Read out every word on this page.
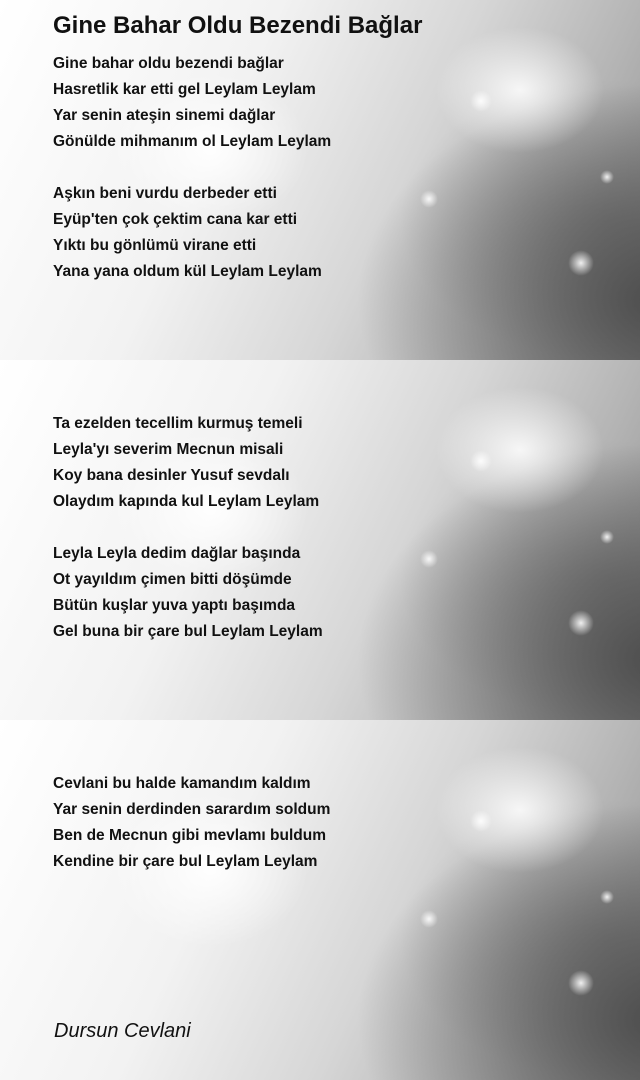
Gine Bahar Oldu Bezendi Bağlar
Gine bahar oldu bezendi bağlar
Hasretlik kar etti gel Leylam Leylam
Yar senin ateşin sinemi dağlar
Gönülde mihmanım ol Leylam Leylam
Aşkın beni vurdu derbeder etti
Eyüp'ten çok çektim cana kar etti
Yıktı bu gönlümü virane etti
Yana yana oldum kül Leylam Leylam
Ta ezelden tecellim kurmuş temeli
Leyla'yı severim Mecnun misali
Koy bana desinler Yusuf sevdalı
Olaydım kapında kul Leylam Leylam
Leyla Leyla dedim dağlar başında
Ot yayıldım çimen bitti döşümde
Bütün kuşlar yuva yaptı başımda
Gel buna bir çare bul Leylam Leylam
Cevlani bu halde kamandım kaldım
Yar senin derdinden sarardım soldum
Ben de Mecnun gibi mevlamı buldum
Kendine bir çare bul Leylam Leylam
Dursun Cevlani
